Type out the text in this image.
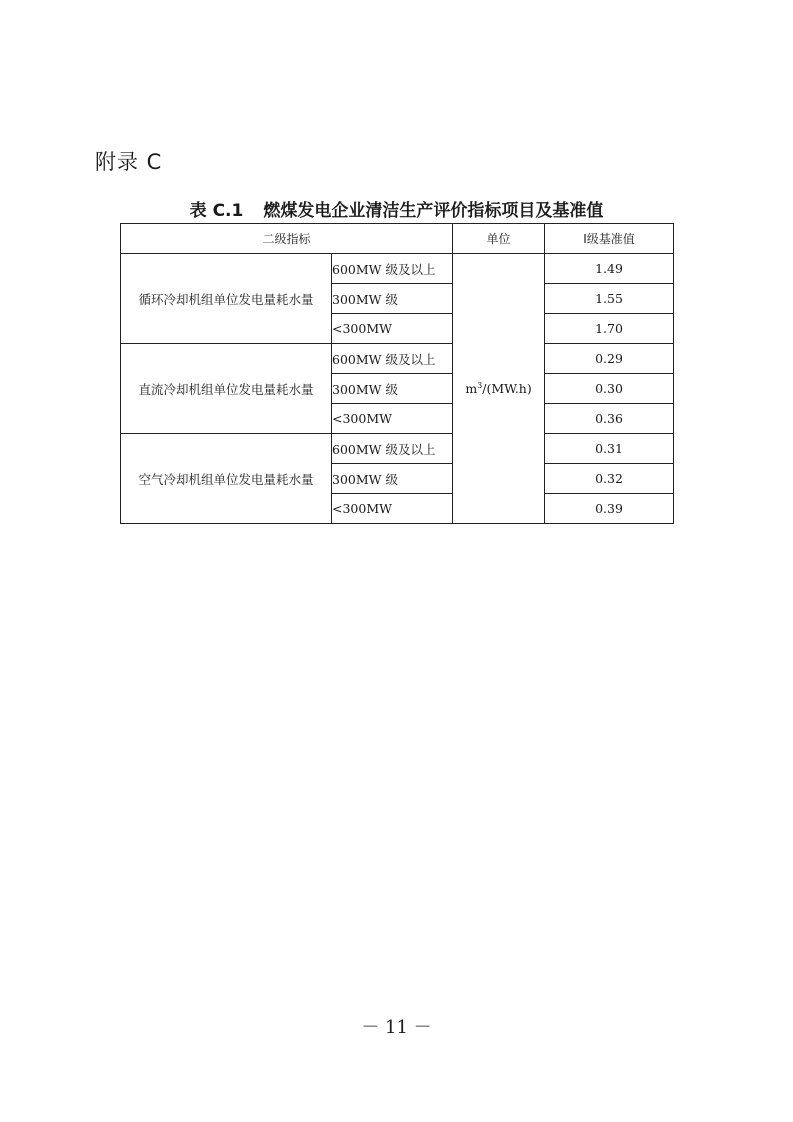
附录 C
表 C.1 燃煤发电企业清洁生产评价指标项目及基准值
二级指标		单位	Ⅰ级基准值
循环冷却机组单位发电量耗水量	600MW 级及以上	$m^3/(MW.h)$	1.49
	300MW 级		1.55
	<300MW		1.70
直流冷却机组单位发电量耗水量	600MW 级及以上		0.29
	300MW 级		0.30
	<300MW		0.36
空气冷却机组单位发电量耗水量	600MW 级及以上		0.31
	300MW 级		0.32
	<300MW		0.39
－ 11 －
